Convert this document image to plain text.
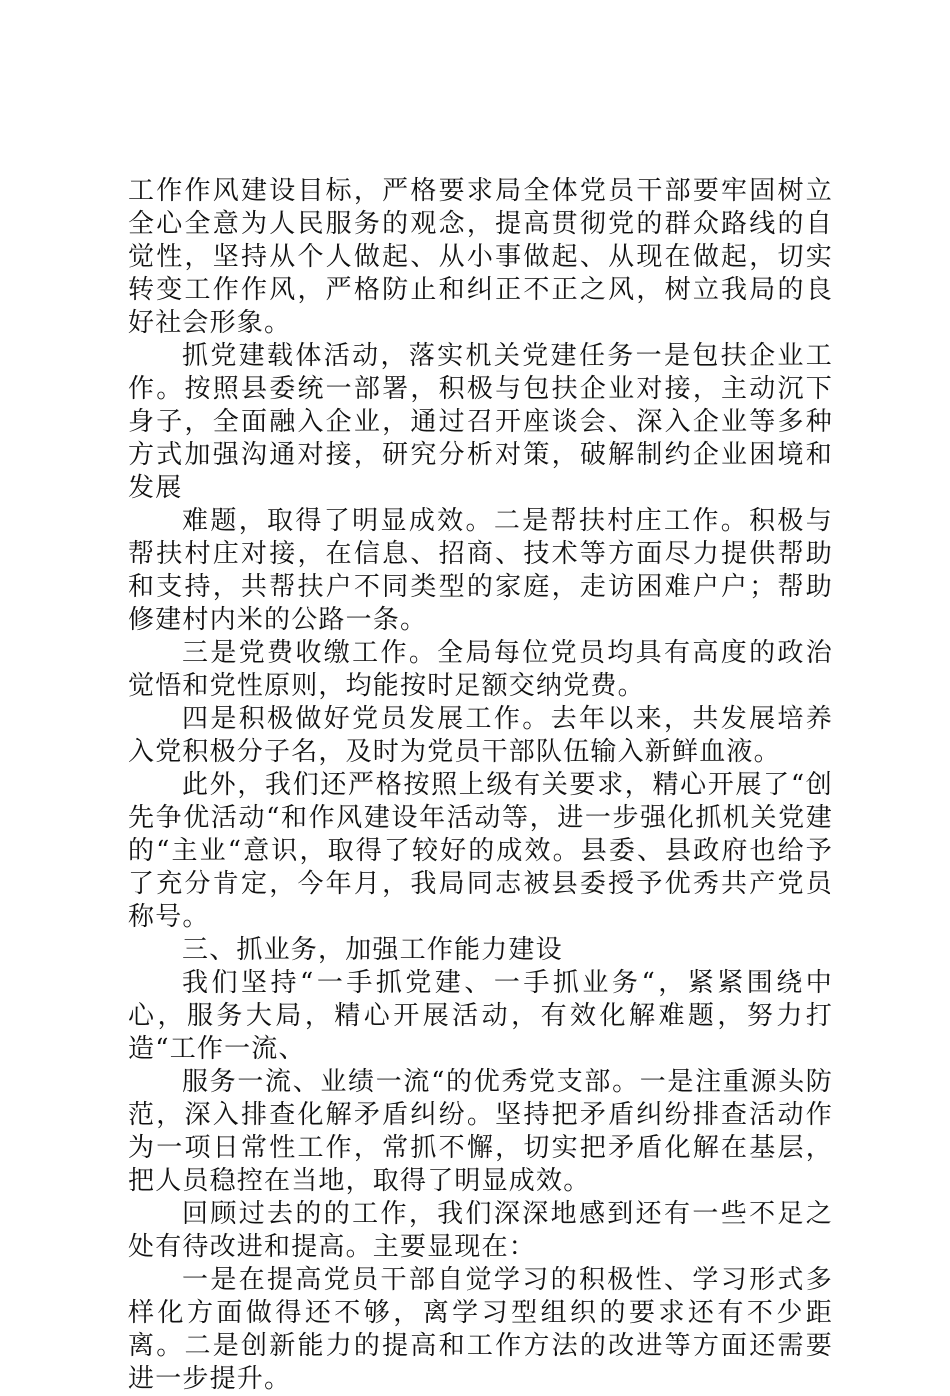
工作作风建设目标，严格要求局全体党员干部要牢固树立全心全意为人民服务的观念，提高贯彻党的群众路线的自觉性，坚持从个人做起、从小事做起、从现在做起，切实转变工作作风，严格防止和纠正不正之风，树立我局的良好社会形象。

抓党建载体活动，落实机关党建任务一是包扶企业工作。按照县委统一部署，积极与包扶企业对接，主动沉下身子，全面融入企业，通过召开座谈会、深入企业等多种方式加强沟通对接，研究分析对策，破解制约企业困境和发展

难题，取得了明显成效。二是帮扶村庄工作。积极与帮扶村庄对接，在信息、招商、技术等方面尽力提供帮助和支持，共帮扶户不同类型的家庭，走访困难户户；帮助修建村内米的公路一条。

三是党费收缴工作。全局每位党员均具有高度的政治觉悟和党性原则，均能按时足额交纳党费。

四是积极做好党员发展工作。去年以来，共发展培养入党积极分子名，及时为党员干部队伍输入新鲜血液。

此外，我们还严格按照上级有关要求，精心开展了“创先争优活动“和作风建设年活动等，进一步强化抓机关党建的“主业“意识，取得了较好的成效。县委、县政府也给予了充分肯定，今年月，我局同志被县委授予优秀共产党员称号。

三、抓业务，加强工作能力建设

我们坚持“一手抓党建、一手抓业务“，紧紧围绕中心，服务大局，精心开展活动，有效化解难题，努力打造“工作一流、

服务一流、业绩一流“的优秀党支部。一是注重源头防范，深入排查化解矛盾纠纷。坚持把矛盾纠纷排查活动作为一项日常性工作，常抓不懈，切实把矛盾化解在基层，把人员稳控在当地，取得了明显成效。

回顾过去的的工作，我们深深地感到还有一些不足之处有待改进和提高。主要显现在：

一是在提高党员干部自觉学习的积极性、学习形式多样化方面做得还不够，离学习型组织的要求还有不少距离。二是创新能力的提高和工作方法的改进等方面还需要进一步提升。
